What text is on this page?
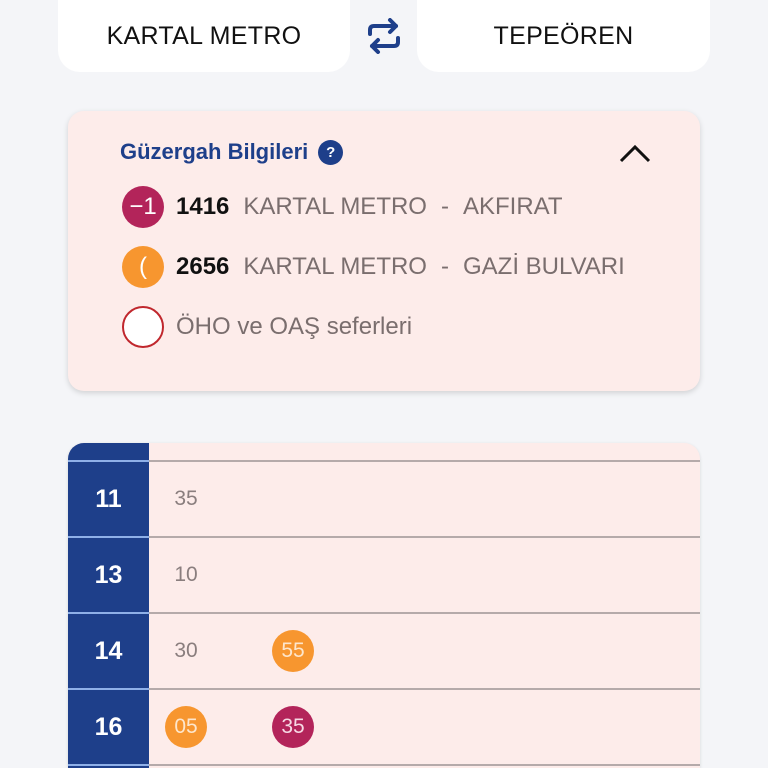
KARTAL METRO	TEPEÖREN
Güzergah Bilgileri	?
−1 1416 KARTAL METRO - AKFIRAT
(	2656 KARTAL METRO - GAZİ BULVARI
ÖHO ve OAŞ seferleri
11	35
13	10
14	30	55
16	05	35
